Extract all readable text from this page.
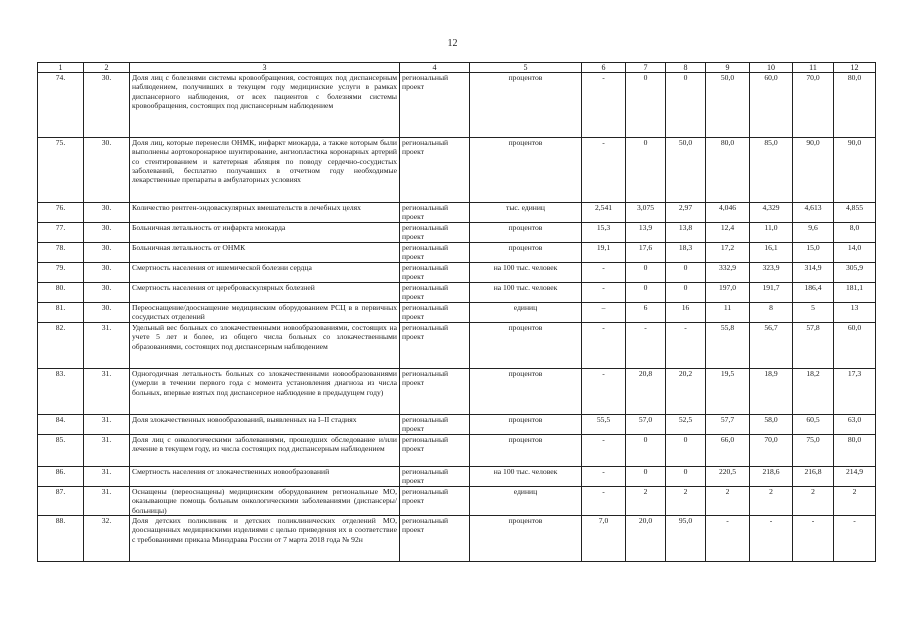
12
1	2	3	4	5	6	7	8	9	10	11	12
74.	30.	Доля лиц с болезнями системы кровообращения, состоящих под диспансерным наблюдением, получивших в текущем году медицинские услуги в рамках диспансерного наблюдения, от всех пациентов с болезнями системы кровообращения, состоящих под диспансерным наблюдением	региональный проект	процентов	-	0	0	50,0	60,0	70,0	80,0
75.	30.	Доля лиц, которые перенесли ОНМК, инфаркт миокарда, а также которым были выполнены аортокоронарное шунтирование, ангиопластика коронарных артерий со стентированием и катетерная абляция по поводу сердечно-сосудистых заболеваний, бесплатно получавших в отчетном году необходимые лекарственные препараты в амбулаторных условиях	региональный проект	процентов	-	0	50,0	80,0	85,0	90,0	90,0
76.	30.	Количество рентген-эндоваскулярных вмешательств в лечебных целях	региональный проект	тыс. единиц	2,541	3,075	2,97	4,046	4,329	4,613	4,855
77.	30.	Больничная летальность от инфаркта миокарда	региональный проект	процентов	15,3	13,9	13,8	12,4	11,0	9,6	8,0
78.	30.	Больничная летальность от ОНМК	региональный проект	процентов	19,1	17,6	18,3	17,2	16,1	15,0	14,0
79.	30.	Смертность населения от ишемической болезни сердца	региональный проект	на 100 тыс. человек	-	0	0	332,9	323,9	314,9	305,9
80.	30.	Смертность населения от цереброваскулярных болезней	региональный проект	на 100 тыс. человек	-	0	0	197,0	191,7	186,4	181,1
81.	30.	Переоснащение/дооснащение медицинским оборудованием РСЦ в в первичных сосудистых отделений	региональный проект	единиц	–	6	16	11	8	5	13
82.	31.	Удельный вес больных со злокачественными новообразованиями, состоящих на учете 5 лет и более, из общего числа больных со злокачественными образованиями, состоящих под диспансерным наблюдением	региональный проект	процентов	-	-	-	55,8	56,7	57,8	60,0
83.	31.	Одногодичная летальность больных со злокачественными новообразованиями (умерли в течении первого года с момента установления диагноза из числа больных, впервые взятых под диспансерное наблюдение в предыдущем году)	региональный проект	процентов	-	20,8	20,2	19,5	18,9	18,2	17,3
84.	31.	Доля злокачественных новообразований, выявленных на I–II стадиях	региональный проект	процентов	55,5	57,0	52,5	57,7	58,0	60,5	63,0
85.	31.	Доля лиц с онкологическими заболеваниями, прошедших обследование и/или лечение в текущем году, из числа состоящих под диспансерным наблюдением	региональный проект	процентов	-	0	0	66,0	70,0	75,0	80,0
86.	31.	Смертность населения от злокачественных новообразований	региональный проект	на 100 тыс. человек	-	0	0	220,5	218,6	216,8	214,9
87.	31.	Оснащены (переоснащены) медицинским оборудованием региональные МО, оказывающие помощь больным онкологическими заболеваниями (диспансеры/больницы)	региональный проект	единиц	-	2	2	2	2	2	2
88.	32.	Доля детских поликлиник и детских поликлинических отделений МО, дооснащенных медицинскими изделиями с целью приведения их в соответствие с требованиями приказа Минздрава России от 7 марта 2018 года № 92н	региональный проект	процентов	7,0	20,0	95,0	-	-	-	-
